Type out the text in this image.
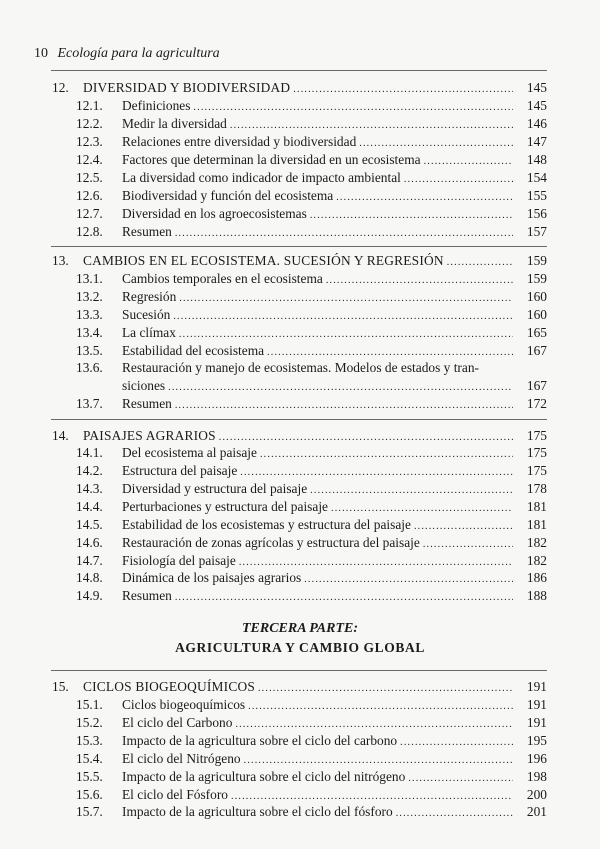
10 Ecología para la agricultura
12. DIVERSIDAD Y BIODIVERSIDAD .....	145
12.1. Definiciones .....	145
12.2. Medir la diversidad .....	146
12.3. Relaciones entre diversidad y biodiversidad .....	147
12.4. Factores que determinan la diversidad en un ecosistema .....	148
12.5. La diversidad como indicador de impacto ambiental .....	154
12.6. Biodiversidad y función del ecosistema .....	155
12.7. Diversidad en los agroecosistemas .....	156
12.8. Resumen .....	157
13. CAMBIOS EN EL ECOSISTEMA. SUCESIÓN Y REGRESIÓN .....	159
13.1. Cambios temporales en el ecosistema .....	159
13.2. Regresión .....	160
13.3. Sucesión .....	160
13.4. La clímax .....	165
13.5. Estabilidad del ecosistema .....	167
13.6. Restauración y manejo de ecosistemas. Modelos de estados y tran-
siciones .....	167
13.7. Resumen .....	172
14. PAISAJES AGRARIOS .....	175
14.1. Del ecosistema al paisaje .....	175
14.2. Estructura del paisaje .....	175
14.3. Diversidad y estructura del paisaje .....	178
14.4. Perturbaciones y estructura del paisaje .....	181
14.5. Estabilidad de los ecosistemas y estructura del paisaje .....	181
14.6. Restauración de zonas agrícolas y estructura del paisaje .....	182
14.7. Fisiología del paisaje .....	182
14.8. Dinámica de los paisajes agrarios .....	186
14.9. Resumen .....	188
TERCERA PARTE:
AGRICULTURA Y CAMBIO GLOBAL
15. CICLOS BIOGEOQUÍMICOS .....	191
15.1. Ciclos biogeoquímicos .....	191
15.2. El ciclo del Carbono .....	191
15.3. Impacto de la agricultura sobre el ciclo del carbono .....	195
15.4. El ciclo del Nitrógeno .....	196
15.5. Impacto de la agricultura sobre el ciclo del nitrógeno .....	198
15.6. El ciclo del Fósforo .....	200
15.7. Impacto de la agricultura sobre el ciclo del fósforo .....	201
